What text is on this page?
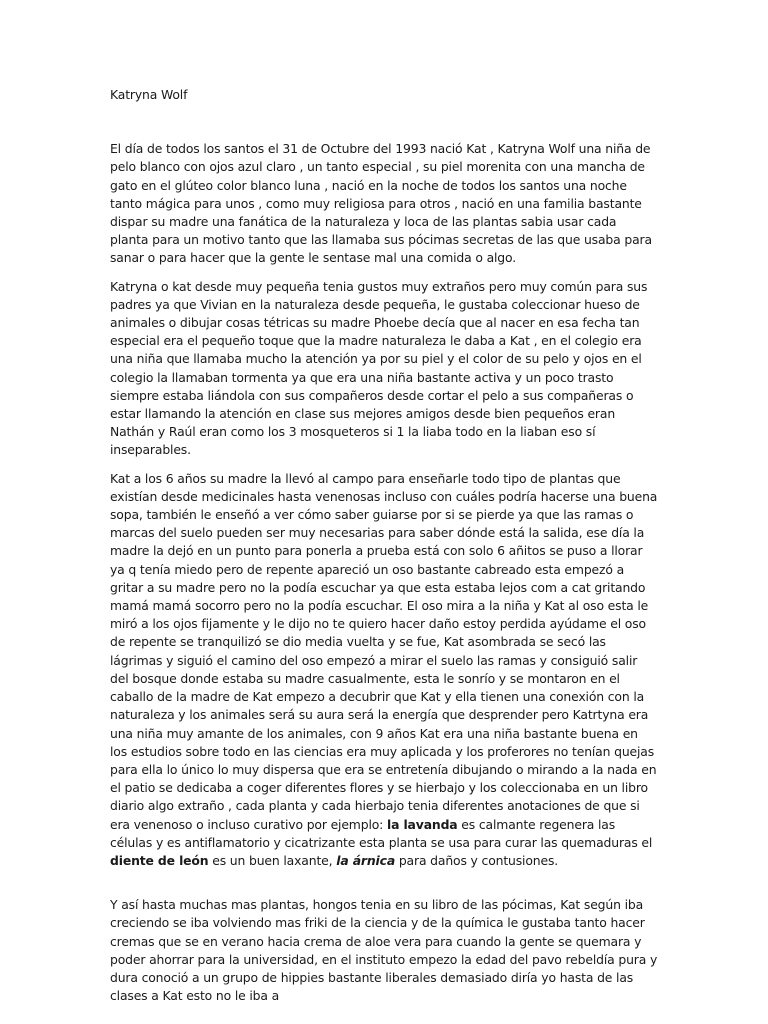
Katryna Wolf

El día de todos los santos el 31 de Octubre del 1993 nació Kat , Katryna Wolf una niña de pelo blanco con ojos azul claro , un tanto especial , su piel morenita con una mancha de gato en el glúteo color blanco luna , nació en la noche de todos los santos una noche tanto mágica para unos , como muy religiosa para otros , nació en una familia bastante dispar su madre una fanática de la naturaleza y loca de las plantas sabia usar cada planta para un motivo tanto que las llamaba sus pócimas secretas de las que usaba para sanar o para hacer que la gente le sentase mal una comida o algo.

Katryna o kat desde muy pequeña tenia gustos muy extraños pero muy común para sus padres ya que Vivian en la naturaleza desde pequeña, le gustaba coleccionar hueso de animales o dibujar cosas tétricas su madre Phoebe decía que al nacer en esa fecha tan especial era el pequeño toque que la madre naturaleza le daba a Kat , en el colegio era una niña que llamaba mucho la atención ya por su piel y el color de su pelo y ojos en el colegio la llamaban tormenta ya que era una niña bastante activa y un poco trasto siempre estaba liándola con sus compañeros desde cortar el pelo a sus compañeras o estar llamando la atención en clase sus mejores amigos desde bien pequeños eran Nathán y Raúl eran como los 3 mosqueteros si 1 la liaba todo en la liaban eso sí inseparables.

Kat a los 6 años su madre la llevó al campo para enseñarle todo tipo de plantas que existían desde medicinales hasta venenosas incluso con cuáles podría hacerse una buena sopa, también le enseñó a ver cómo saber guiarse por si se pierde ya que las ramas o marcas del suelo pueden ser muy necesarias para saber dónde está la salida, ese día la madre la dejó en un punto para ponerla a prueba está con solo 6 añitos se puso a llorar ya q tenía miedo pero de repente apareció un oso bastante cabreado esta empezó a gritar a su madre pero no la podía escuchar ya que esta estaba lejos com a cat gritando mamá mamá socorro pero no la podía escuchar. El oso mira a la niña y Kat al oso esta le miró a los ojos fijamente y le dijo no te quiero hacer daño estoy perdida ayúdame el oso de repente se tranquilizó se dio media vuelta y se fue, Kat asombrada se secó las lágrimas y siguió el camino del oso empezó a mirar el suelo las ramas y consiguió salir del bosque donde estaba su madre casualmente, esta le sonrío y se montaron en el caballo de la madre de Kat empezo a decubrir que Kat y ella tienen una conexión con la naturaleza y los animales será su aura será la energía que desprender pero Katrtyna era una niña muy amante de los animales, con 9 años Kat era una niña bastante buena en los estudios sobre todo en las ciencias era muy aplicada y los proferores no tenían quejas para ella lo único lo muy dispersa que era se entretenía dibujando o mirando a la nada en el patio se dedicaba a coger diferentes flores y se hierbajo y los coleccionaba en un libro diario algo extraño , cada planta y cada hierbajo tenia diferentes anotaciones de que si era venenoso o incluso curativo por ejemplo: la lavanda es calmante regenera las células y es antiflamatorio y cicatrizante esta planta se usa para curar las quemaduras el diente de león es un buen laxante, la árnica para daños y contusiones.

Y así hasta muchas mas plantas, hongos tenia en su libro de las pócimas, Kat según iba creciendo se iba volviendo mas friki de la ciencia y de la química le gustaba tanto hacer cremas que se en verano hacia crema de aloe vera para cuando la gente se quemara y poder ahorrar para la universidad, en el instituto empezo la edad del pavo rebeldía pura y dura conoció a un grupo de hippies bastante liberales demasiado diría yo hasta de las clases a Kat esto no le iba a
